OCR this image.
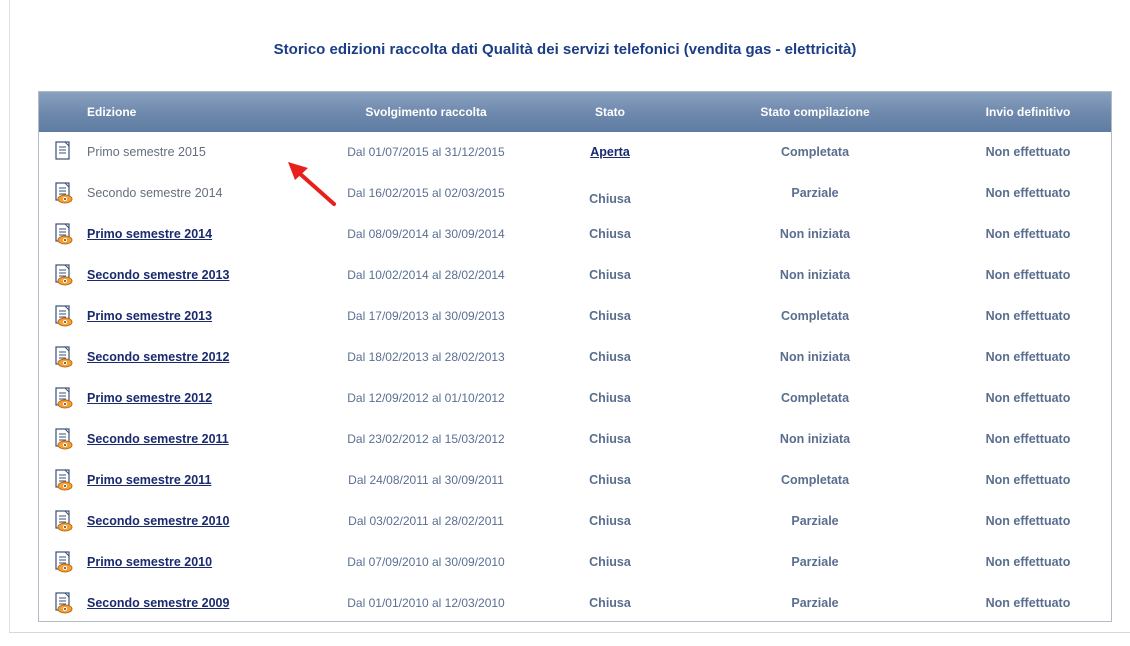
Storico edizioni raccolta dati Qualità dei servizi telefonici (vendita gas - elettricità)
	Edizione	Svolgimento raccolta	Stato	Stato compilazione	Invio definitivo
	Primo semestre 2015	Dal 01/07/2015 al 31/12/2015	Aperta	Completata	Non effettuato
	Secondo semestre 2014	Dal 16/02/2015 al 02/03/2015	Chiusa	Parziale	Non effettuato
	Primo semestre 2014	Dal 08/09/2014 al 30/09/2014	Chiusa	Non iniziata	Non effettuato
	Secondo semestre 2013	Dal 10/02/2014 al 28/02/2014	Chiusa	Non iniziata	Non effettuato
	Primo semestre 2013	Dal 17/09/2013 al 30/09/2013	Chiusa	Completata	Non effettuato
	Secondo semestre 2012	Dal 18/02/2013 al 28/02/2013	Chiusa	Non iniziata	Non effettuato
	Primo semestre 2012	Dal 12/09/2012 al 01/10/2012	Chiusa	Completata	Non effettuato
	Secondo semestre 2011	Dal 23/02/2012 al 15/03/2012	Chiusa	Non iniziata	Non effettuato
	Primo semestre 2011	Dal 24/08/2011 al 30/09/2011	Chiusa	Completata	Non effettuato
	Secondo semestre 2010	Dal 03/02/2011 al 28/02/2011	Chiusa	Parziale	Non effettuato
	Primo semestre 2010	Dal 07/09/2010 al 30/09/2010	Chiusa	Parziale	Non effettuato
	Secondo semestre 2009	Dal 01/01/2010 al 12/03/2010	Chiusa	Parziale	Non effettuato
